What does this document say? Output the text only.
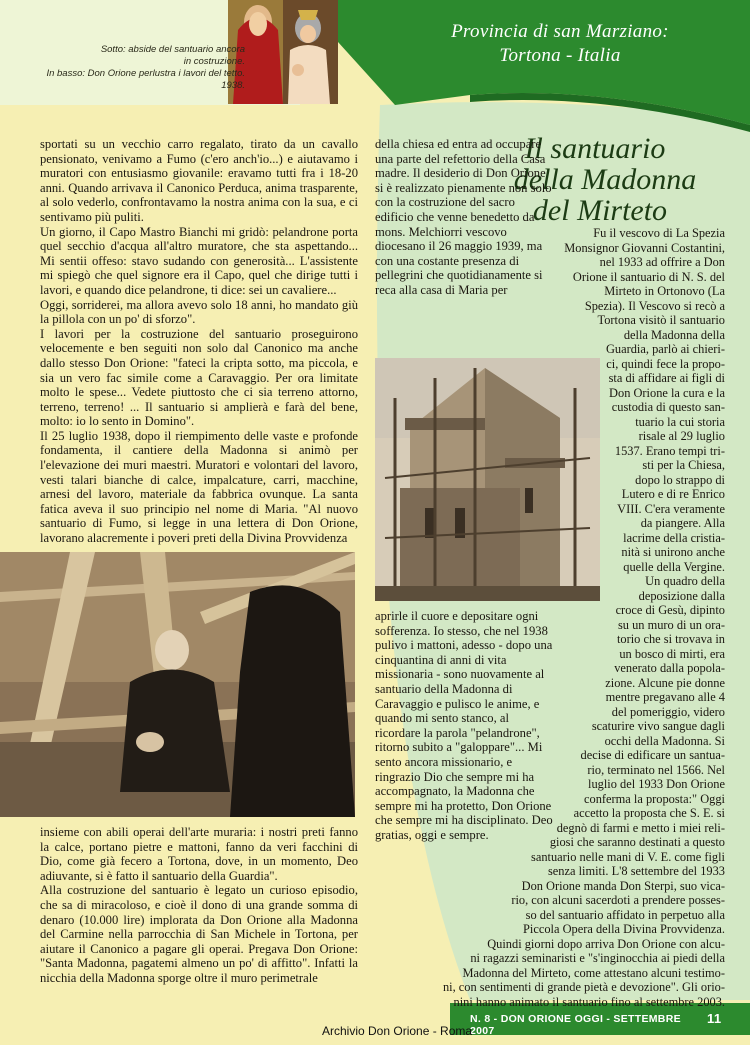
Sotto: abside del santuario ancora
in costruzione.
In basso: Don Orione perlustra i lavori del tetto. 1938.
Provincia di san Marziano:
Tortona - Italia
Il santuario
della Madonna
del Mirteto

sportati su un vecchio carro regalato, tirato da un cavallo pensionato, venivamo a Fumo (c'ero anch'io...) e aiutavamo i muratori con entusiasmo giovanile: eravamo tutti fra i 18-20 anni. Quando arrivava il Canonico Perduca, anima trasparente, al solo vederlo, confrontavamo la nostra anima con la sua, e ci sentivamo più puliti.

Un giorno, il Capo Mastro Bianchi mi gridò: pelandrone porta quel secchio d'acqua all'altro muratore, che sta aspettando... Mi sentii offeso: stavo sudando con generosità... L'assistente mi spiegò che quel signore era il Capo, quel che dirige tutti i lavori, e quando dice pelandrone, ti dice: sei un cavaliere...

Oggi, sorriderei, ma allora avevo solo 18 anni, ho mandato giù la pillola con un po' di sforzo".

I lavori per la costruzione del santuario proseguirono velocemente e ben seguiti non solo dal Canonico ma anche dallo stesso Don Orione: "fateci la cripta sotto, ma piccola, e sia un vero fac simile come a Caravaggio. Per ora limitate molto le spese... Vedete piuttosto che ci sia terreno attorno, terreno, terreno! ... Il santuario si amplierà e farà del bene, molto: io lo sento in Domino".

Il 25 luglio 1938, dopo il riempimento delle vaste e profonde fondamenta, il cantiere della Madonna si animò per l'elevazione dei muri maestri. Muratori e volontari del lavoro, vesti talari bianche di calce, impalcature, carri, macchine, arnesi del lavoro, materiale da fabbrica ovunque. La santa fatica aveva il suo principio nel nome di Maria. "Al nuovo santuario di Fumo, si legge in una lettera di Don Orione, lavorano alacremente i poveri preti della Divina Provvidenza

insieme con abili operai dell'arte muraria: i nostri preti fanno la calce, portano pietre e mattoni, fanno da veri facchini di Dio, come già fecero a Tortona, dove, in un momento, Deo adiuvante, si è fatto il santuario della Guardia".

Alla costruzione del santuario è legato un curioso episodio, che sa di miracoloso, e cioè il dono di una grande somma di denaro (10.000 lire) implorata da Don Orione alla Madonna del Carmine nella parrocchia di San Michele in Tortona, per aiutare il Canonico a pagare gli operai. Pregava Don Orione: "Santa Madonna, pagatemi almeno un po' di affitto". Infatti la nicchia della Madonna sporge oltre il muro perimetrale

della chiesa ed entra ad occupare una parte del refettorio della Casa madre. Il desiderio di Don Orione si è realizzato pienamente non solo con la costruzione del sacro edificio che venne benedetto da mons. Melchiorri vescovo diocesano il 26 maggio 1939, ma con una costante presenza di pellegrini che quotidianamente si reca alla casa di Maria per

aprirle il cuore e depositare ogni sofferenza. Io stesso, che nel 1938 pulivo i mattoni, adesso - dopo una cinquantina di anni di vita missionaria - sono nuovamente al santuario della Madonna di Caravaggio e pulisco le anime, e quando mi sento stanco, al ricordare la parola "pelandrone", ritorno subito a "galoppare"... Mi sento ancora missionario, e ringrazio Dio che sempre mi ha accompagnato, la Madonna che sempre mi ha protetto, Don Orione che sempre mi ha disciplinato. Deo gratias, oggi e sempre.

Fu il vescovo di La Spezia
Monsignor Giovanni Costantini,
nel 1933 ad offrire a Don
Orione il santuario di N. S. del
Mirteto in Ortonovo (La
Spezia). Il Vescovo si recò a
Tortona visitò il santuario
della Madonna della
Guardia, parlò ai chieri-
ci, quindi fece la propo-
sta di affidare ai figli di
Don Orione la cura e la
custodia di questo san-
tuario la cui storia
risale al 29 luglio
1537. Erano tempi tri-
sti per la Chiesa,
dopo lo strappo di
Lutero e di re Enrico
VIII. C'era veramente
da piangere. Alla
lacrime della cristia-
nità si unirono anche
quelle della Vergine.
Un quadro della
deposizione dalla
croce di Gesù, dipinto
su un muro di un ora-
torio che si trovava in
un bosco di mirti, era
venerato dalla popola-
zione. Alcune pie donne
mentre pregavano alle 4
del pomeriggio, videro
scaturire vivo sangue dagli
occhi della Madonna. Si
decise di edificare un santua-
rio, terminato nel 1566. Nel
luglio del 1933 Don Orione
conferma la proposta:" Oggi
accetto la proposta che S. E. si
degnò di farmi e metto i miei reli-
giosi che saranno destinati a questo
santuario nelle mani di V. E. come figli
senza limiti. L'8 settembre del 1933
Don Orione manda Don Sterpi, suo vica-
rio, con alcuni sacerdoti a prendere posses-
so del santuario affidato in perpetuo alla
Piccola Opera della Divina Provvidenza.
Quindi giorni dopo arriva Don Orione con alcu-
ni ragazzi seminaristi e "s'inginocchia ai piedi della
Madonna del Mirteto, come attestano alcuni testimo-
ni, con sentimenti di grande pietà e devozione". Gli orio-
nini hanno animato il santuario fino al settembre 2003.
N. 8 - DON ORIONE OGGI - SETTEMBRE 2007
11
Archivio Don Orione - Roma
